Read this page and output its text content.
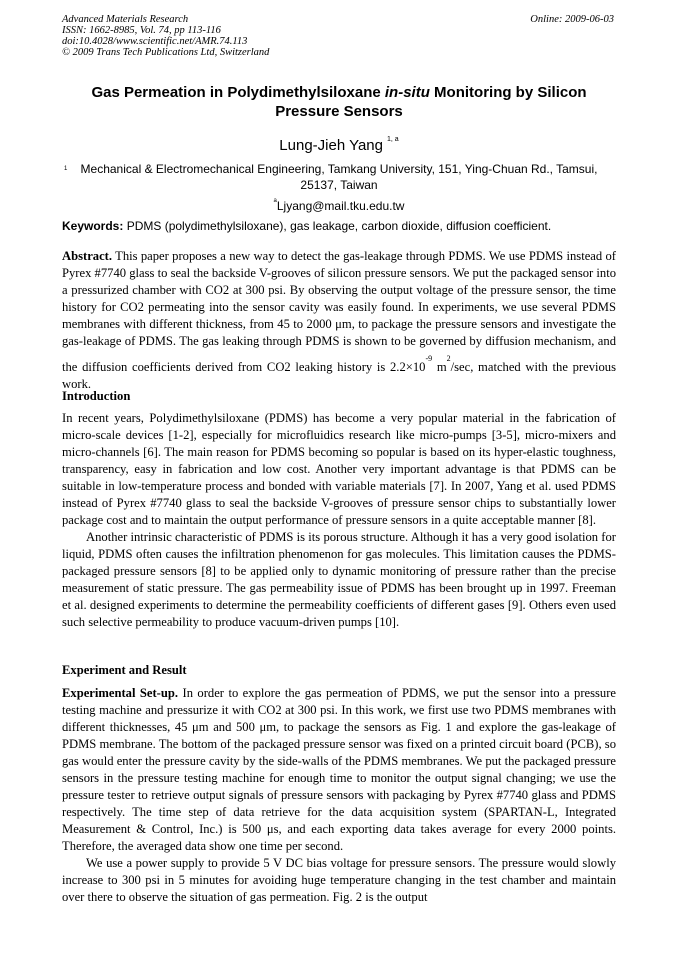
Advanced Materials Research
ISSN: 1662-8985, Vol. 74, pp 113-116
doi:10.4028/www.scientific.net/AMR.74.113
© 2009 Trans Tech Publications Ltd, Switzerland
Online: 2009-06-03
Gas Permeation in Polydimethylsiloxane in-situ Monitoring by Silicon Pressure Sensors
Lung-Jieh Yang $^{1, a}$
1 Mechanical & Electromechanical Engineering, Tamkang University, 151, Ying-Chuan Rd., Tamsui, 25137, Taiwan
$^a$Ljyang@mail.tku.edu.tw
Keywords: PDMS (polydimethylsiloxane), gas leakage, carbon dioxide, diffusion coefficient.
Abstract. This paper proposes a new way to detect the gas-leakage through PDMS. We use PDMS instead of Pyrex #7740 glass to seal the backside V-grooves of silicon pressure sensors. We put the packaged sensor into a pressurized chamber with CO2 at 300 psi. By observing the output voltage of the pressure sensor, the time history for CO2 permeating into the sensor cavity was easily found. In experiments, we use several PDMS membranes with different thickness, from 45 to 2000 μm, to package the pressure sensors and investigate the gas-leakage of PDMS. The gas leaking through PDMS is shown to be governed by diffusion mechanism, and the diffusion coefficients derived from CO2 leaking history is $2.2\times 10^{-9}$ $m^2/\sec$, matched with the previous work.
Introduction

In recent years, Polydimethylsiloxane (PDMS) has become a very popular material in the fabrication of micro-scale devices [1-2], especially for microfluidics research like micro-pumps [3-5], micro-mixers and micro-channels [6]. The main reason for PDMS becoming so popular is based on its hyper-elastic toughness, transparency, easy in fabrication and low cost. Another very important advantage is that PDMS can be suitable in low-temperature process and bonded with variable materials [7]. In 2007, Yang et al. used PDMS instead of Pyrex #7740 glass to seal the backside V-grooves of pressure sensor chips to substantially lower package cost and to maintain the output performance of pressure sensors in a quite acceptable manner [8].

Another intrinsic characteristic of PDMS is its porous structure. Although it has a very good isolation for liquid, PDMS often causes the infiltration phenomenon for gas molecules. This limitation causes the PDMS-packaged pressure sensors [8] to be applied only to dynamic monitoring of pressure rather than the precise measurement of static pressure. The gas permeability issue of PDMS has been brought up in 1997. Freeman et al. designed experiments to determine the permeability coefficients of different gases [9]. Others even used such selective permeability to produce vacuum-driven pumps [10].

Experiment and Result

Experimental Set-up. In order to explore the gas permeation of PDMS, we put the sensor into a pressure testing machine and pressurize it with CO2 at 300 psi. In this work, we first use two PDMS membranes with different thicknesses, 45 μm and 500 μm, to package the sensors as Fig. 1 and explore the gas-leakage of PDMS membrane. The bottom of the packaged pressure sensor was fixed on a printed circuit board (PCB), so gas would enter the pressure cavity by the side-walls of the PDMS membranes. We put the packaged pressure sensors in the pressure testing machine for enough time to monitor the output signal changing; we use the pressure tester to retrieve output signals of pressure sensors with packaging by Pyrex #7740 glass and PDMS respectively. The time step of data retrieve for the data acquisition system (SPARTAN-L, Integrated Measurement & Control, Inc.) is 500 μs, and each exporting data takes average for every 2000 points. Therefore, the averaged data show one time per second.

We use a power supply to provide 5 V DC bias voltage for pressure sensors. The pressure would slowly increase to 300 psi in 5 minutes for avoiding huge temperature changing in the test chamber and maintain over there to observe the situation of gas permeation. Fig. 2 is the output
